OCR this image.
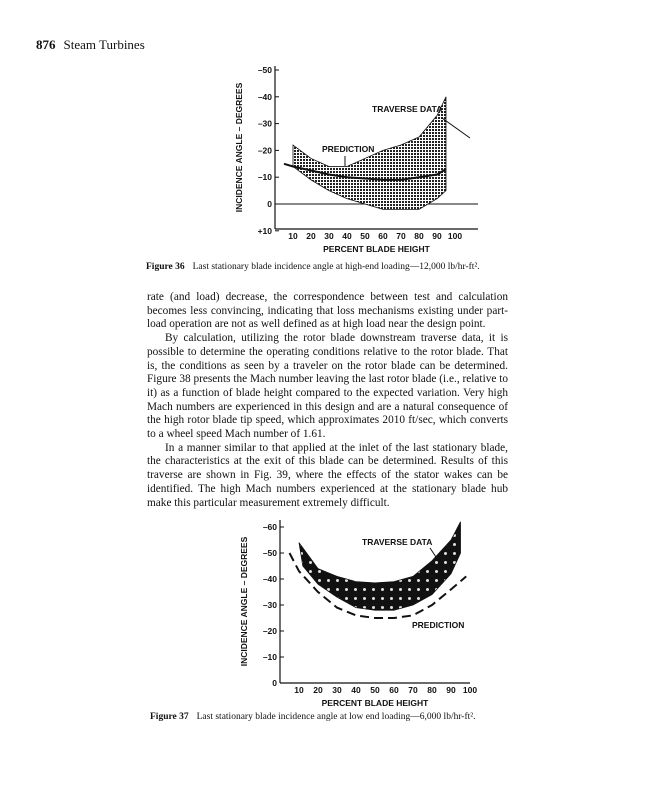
876 Steam Turbines
–50
–40
–30
–20
–10
0
+10
10 20 30 40 50 60 70 80 90 100
PERCENT BLADE HEIGHT
INCIDENCE ANGLE – DEGREES	TRAVERSE DATA
PREDICTION
–60
–50
–40
–30
–20
–10
0
10 20 30 40 50 60 70 80 90 100
PERCENT BLADE HEIGHT
INCIDENCE ANGLE – DEGREES	TRAVERSE DATA
PREDICTION
Figure 36 Last stationary blade incidence angle at high-end loading—12,000 lb/hr-ft².

rate (and load) decrease, the correspondence between test and calculation becomes less convincing, indicating that loss mechanisms existing under part-load operation are not as well defined as at high load near the design point.

By calculation, utilizing the rotor blade downstream traverse data, it is possible to determine the operating conditions relative to the rotor blade. That is, the conditions as seen by a traveler on the rotor blade can be determined. Figure 38 presents the Mach number leaving the last rotor blade (i.e., relative to it) as a function of blade height compared to the expected variation. Very high Mach numbers are experienced in this design and are a natural consequence of the high rotor blade tip speed, which approximates 2010 ft/sec, which converts to a wheel speed Mach number of 1.61.

In a manner similar to that applied at the inlet of the last stationary blade, the characteristics at the exit of this blade can be determined. Results of this traverse are shown in Fig. 39, where the effects of the stator wakes can be identified. The high Mach numbers experienced at the stationary blade hub make this particular measurement extremely difficult.

Figure 37 Last stationary blade incidence angle at low end loading—6,000 lb/hr-ft².
